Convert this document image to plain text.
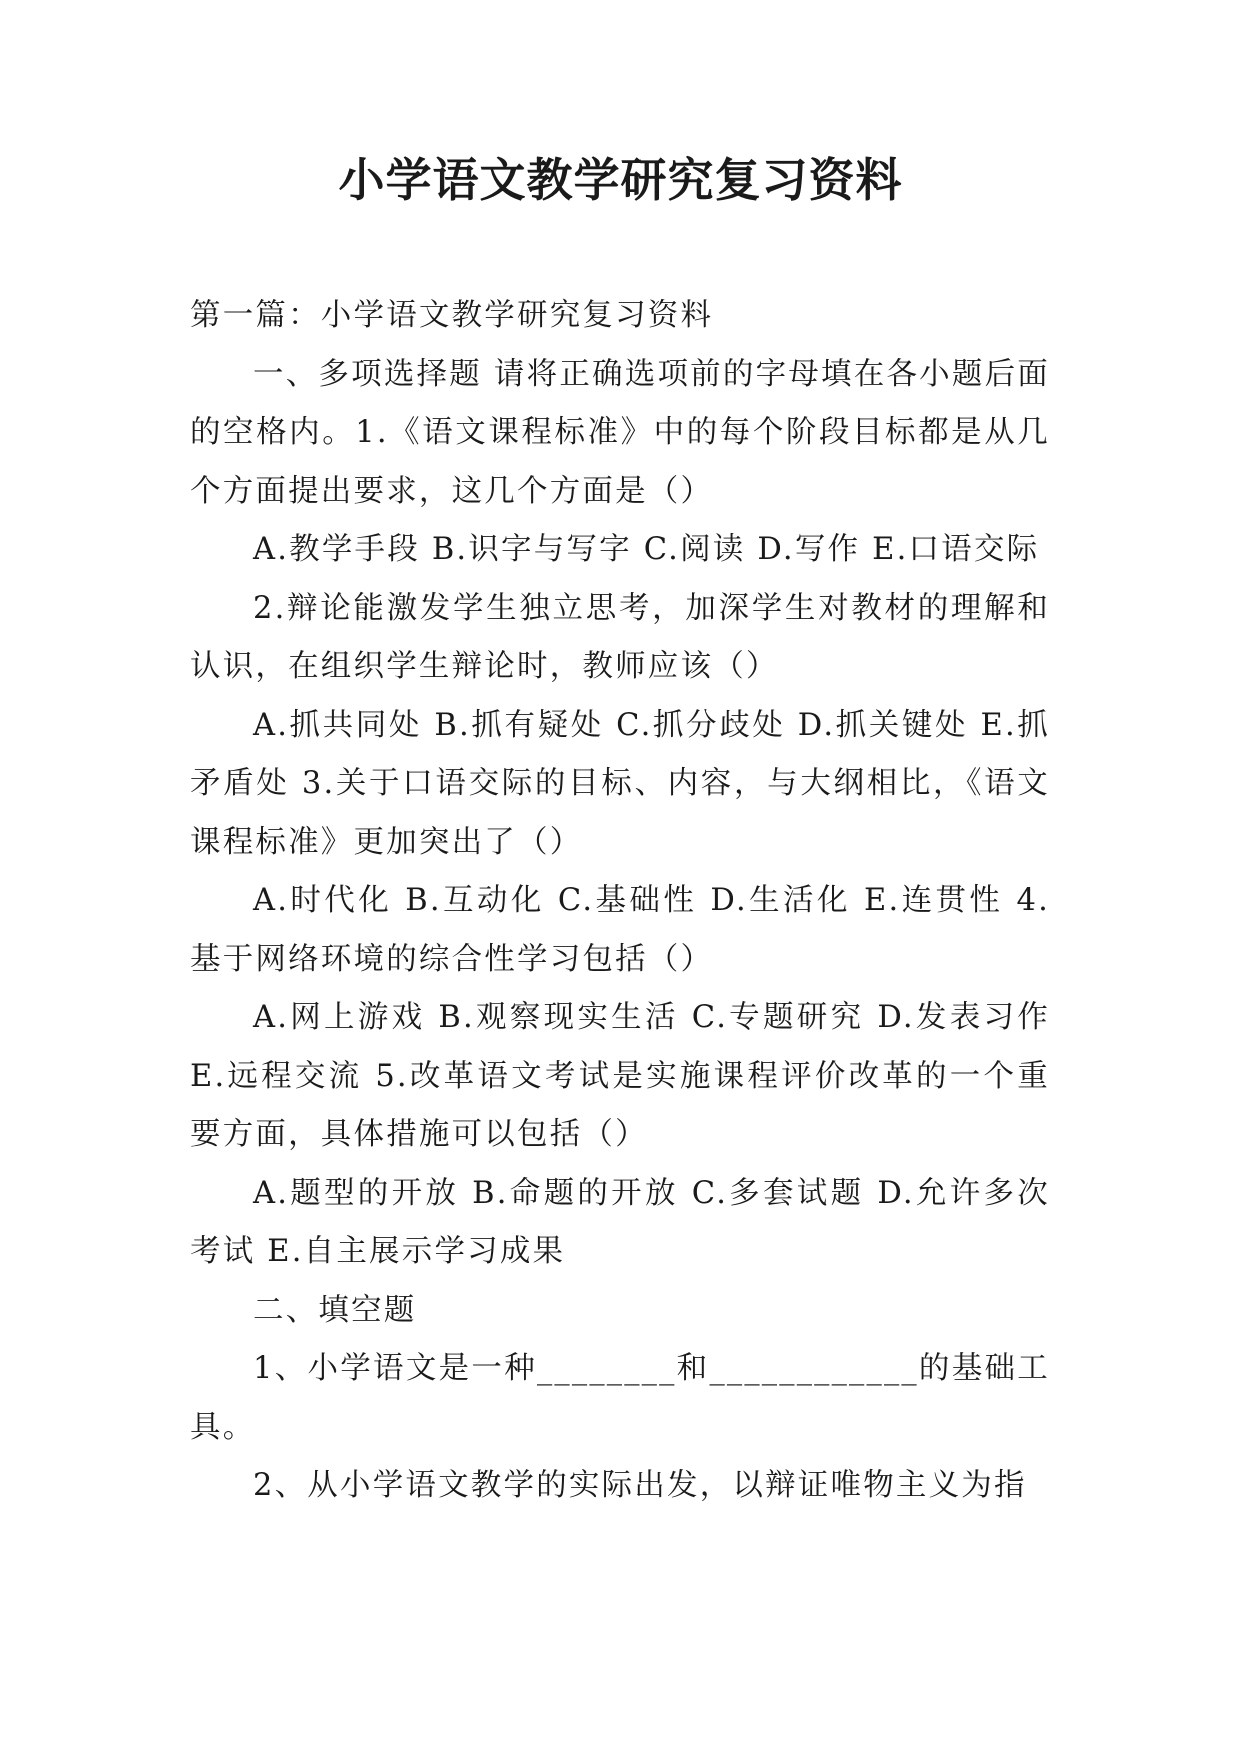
小学语文教学研究复习资料

第一篇：小学语文教学研究复习资料

一、多项选择题 请将正确选项前的字母填在各小题后面的空格内。1.《语文课程标准》中的每个阶段目标都是从几个方面提出要求，这几个方面是（）

A.教学手段 B.识字与写字 C.阅读 D.写作 E.口语交际

2.辩论能激发学生独立思考，加深学生对教材的理解和认识，在组织学生辩论时，教师应该（）

A.抓共同处 B.抓有疑处 C.抓分歧处 D.抓关键处 E.抓矛盾处 3.关于口语交际的目标、内容，与大纲相比，《语文课程标准》更加突出了（）

A.时代化 B.互动化 C.基础性 D.生活化 E.连贯性 4.基于网络环境的综合性学习包括（）

A.网上游戏 B.观察现实生活 C.专题研究 D.发表习作 E.远程交流 5.改革语文考试是实施课程评价改革的一个重要方面，具体措施可以包括（）

A.题型的开放 B.命题的开放 C.多套试题 D.允许多次考试 E.自主展示学习成果

二、填空题

1、小学语文是一种________和____________的基础工具。

2、从小学语文教学的实际出发，以辩证唯物主义为指
